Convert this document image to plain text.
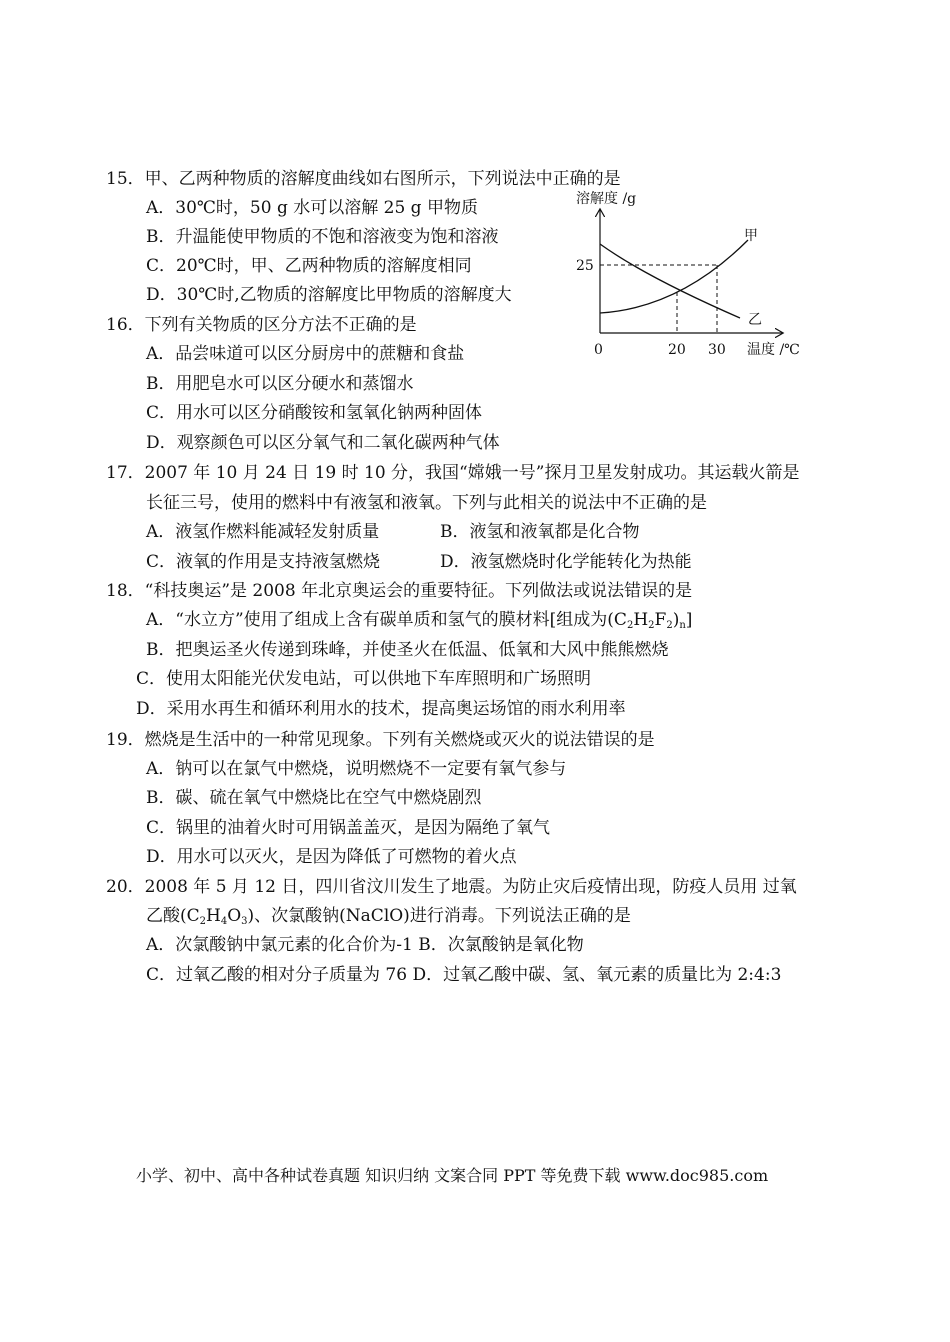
15．甲、乙两种物质的溶解度曲线如右图所示，下列说法中正确的是
A．30℃时，50 g 水可以溶解 25 g 甲物质
B．升温能使甲物质的不饱和溶液变为饱和溶液
C．20℃时，甲、乙两种物质的溶解度相同
D．30℃时,乙物质的溶解度比甲物质的溶解度大
溶解度 /g
25
0	20 30 温度 /℃
甲
乙
16．下列有关物质的区分方法不正确的是
A．品尝味道可以区分厨房中的蔗糖和食盐
B．用肥皂水可以区分硬水和蒸馏水
C．用水可以区分硝酸铵和氢氧化钠两种固体
D．观察颜色可以区分氧气和二氧化碳两种气体
17．2007 年 10 月 24 日 19 时 10 分，我国“嫦娥一号”探月卫星发射成功。其运载火箭是
长征三号，使用的燃料中有液氢和液氧。下列与此相关的说法中不正确的是
A．液氢作燃料能减轻发射质量	B．液氢和液氧都是化合物
C．液氧的作用是支持液氢燃烧	D．液氢燃烧时化学能转化为热能
18．“科技奥运”是 2008 年北京奥运会的重要特征。下列做法或说法错误的是
A．“水立方”使用了组成上含有碳单质和氢气的膜材料[组成为$(C_2H_2F_2)_n$]
B．把奥运圣火传递到珠峰，并使圣火在低温、低氧和大风中熊熊燃烧
C．使用太阳能光伏发电站，可以供地下车库照明和广场照明
D．采用水再生和循环利用水的技术，提高奥运场馆的雨水利用率
19．燃烧是生活中的一种常见现象。下列有关燃烧或灭火的说法错误的是
A．钠可以在氯气中燃烧，说明燃烧不一定要有氧气参与
B．碳、硫在氧气中燃烧比在空气中燃烧剧烈
C．锅里的油着火时可用锅盖盖灭，是因为隔绝了氧气
D．用水可以灭火，是因为降低了可燃物的着火点
20．2008 年 5 月 12 日，四川省汶川发生了地震。为防止灾后疫情出现，防疫人员用 过氧
乙酸$(C_2H_4O_3)$、次氯酸钠(NaClO)进行消毒。下列说法正确的是
A．次氯酸钠中氯元素的化合价为-1 B．次氯酸钠是氧化物
C．过氧乙酸的相对分子质量为 76 D．过氧乙酸中碳、氢、氧元素的质量比为 2:4:3
小学、初中、高中各种试卷真题 知识归纳 文案合同 PPT 等免费下载 www.doc985.com
